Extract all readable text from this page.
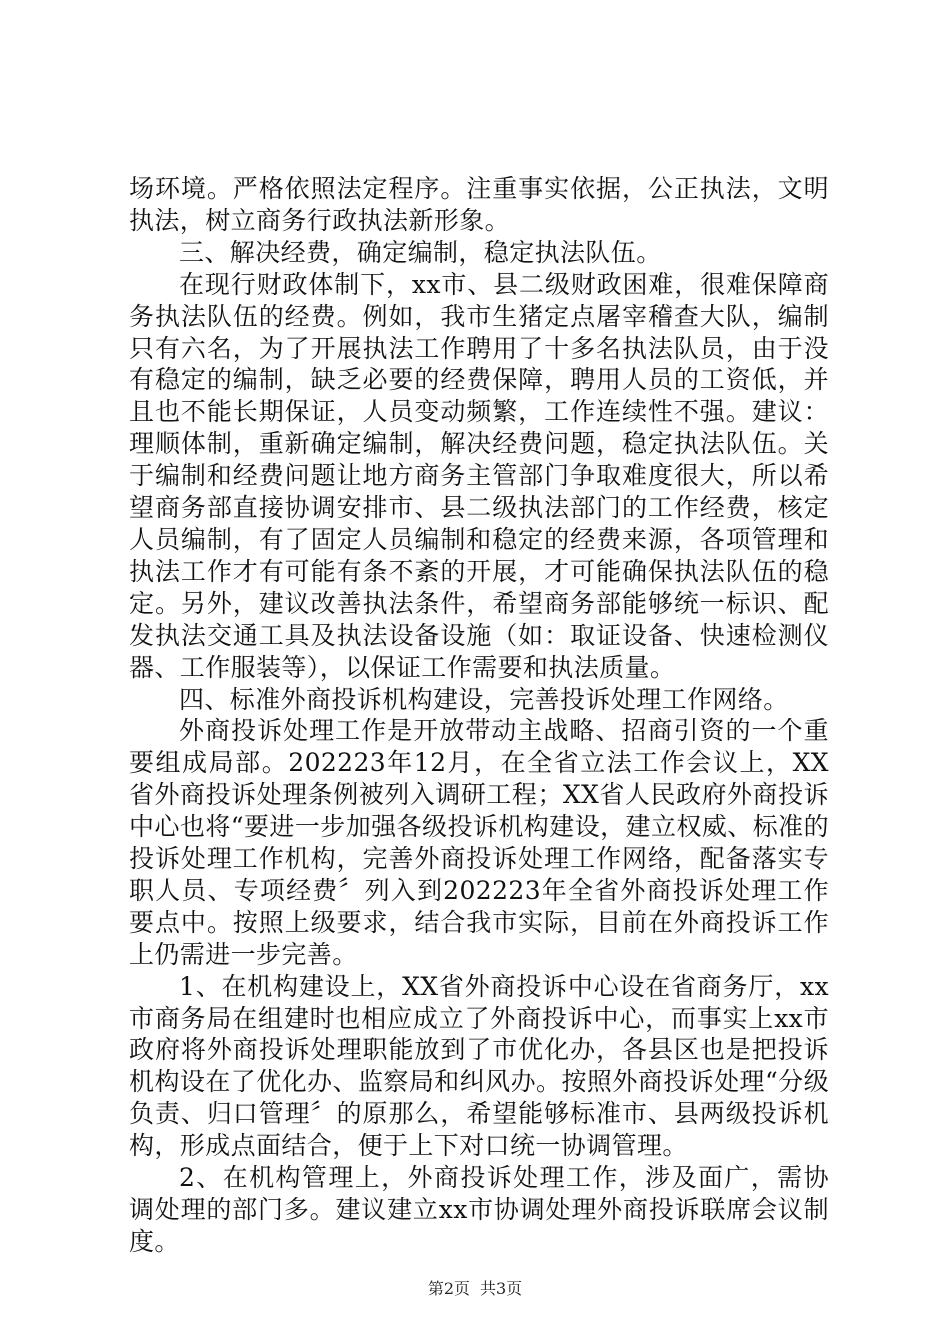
场环境。严格依照法定程序。注重事实依据，公正执法，文明执法，树立商务行政执法新形象。

三、解决经费，确定编制，稳定执法队伍。

在现行财政体制下，xx市、县二级财政困难，很难保障商务执法队伍的经费。例如，我市生猪定点屠宰稽查大队，编制只有六名，为了开展执法工作聘用了十多名执法队员，由于没有稳定的编制，缺乏必要的经费保障，聘用人员的工资低，并且也不能长期保证，人员变动频繁，工作连续性不强。建议：理顺体制，重新确定编制，解决经费问题，稳定执法队伍。关于编制和经费问题让地方商务主管部门争取难度很大，所以希望商务部直接协调安排市、县二级执法部门的工作经费，核定人员编制，有了固定人员编制和稳定的经费来源，各项管理和执法工作才有可能有条不紊的开展，才可能确保执法队伍的稳定。另外，建议改善执法条件，希望商务部能够统一标识、配发执法交通工具及执法设备设施（如：取证设备、快速检测仪器、工作服装等），以保证工作需要和执法质量。

四、标准外商投诉机构建设，完善投诉处理工作网络。

外商投诉处理工作是开放带动主战略、招商引资的一个重要组成局部。202223年12月，在全省立法工作会议上，XX省外商投诉处理条例被列入调研工程；XX省人民政府外商投诉中心也将“要进一步加强各级投诉机构建设，建立权威、标准的投诉处理工作机构，完善外商投诉处理工作网络，配备落实专职人员、专项经费〞列入到202223年全省外商投诉处理工作要点中。按照上级要求，结合我市实际，目前在外商投诉工作上仍需进一步完善。

1、在机构建设上，XX省外商投诉中心设在省商务厅，xx市商务局在组建时也相应成立了外商投诉中心，而事实上xx市政府将外商投诉处理职能放到了市优化办，各县区也是把投诉机构设在了优化办、监察局和纠风办。按照外商投诉处理“分级负责、归口管理〞的原那么，希望能够标准市、县两级投诉机构，形成点面结合，便于上下对口统一协调管理。

2、在机构管理上，外商投诉处理工作，涉及面广，需协调处理的部门多。建议建立xx市协调处理外商投诉联席会议制度。

第2页 共3页
